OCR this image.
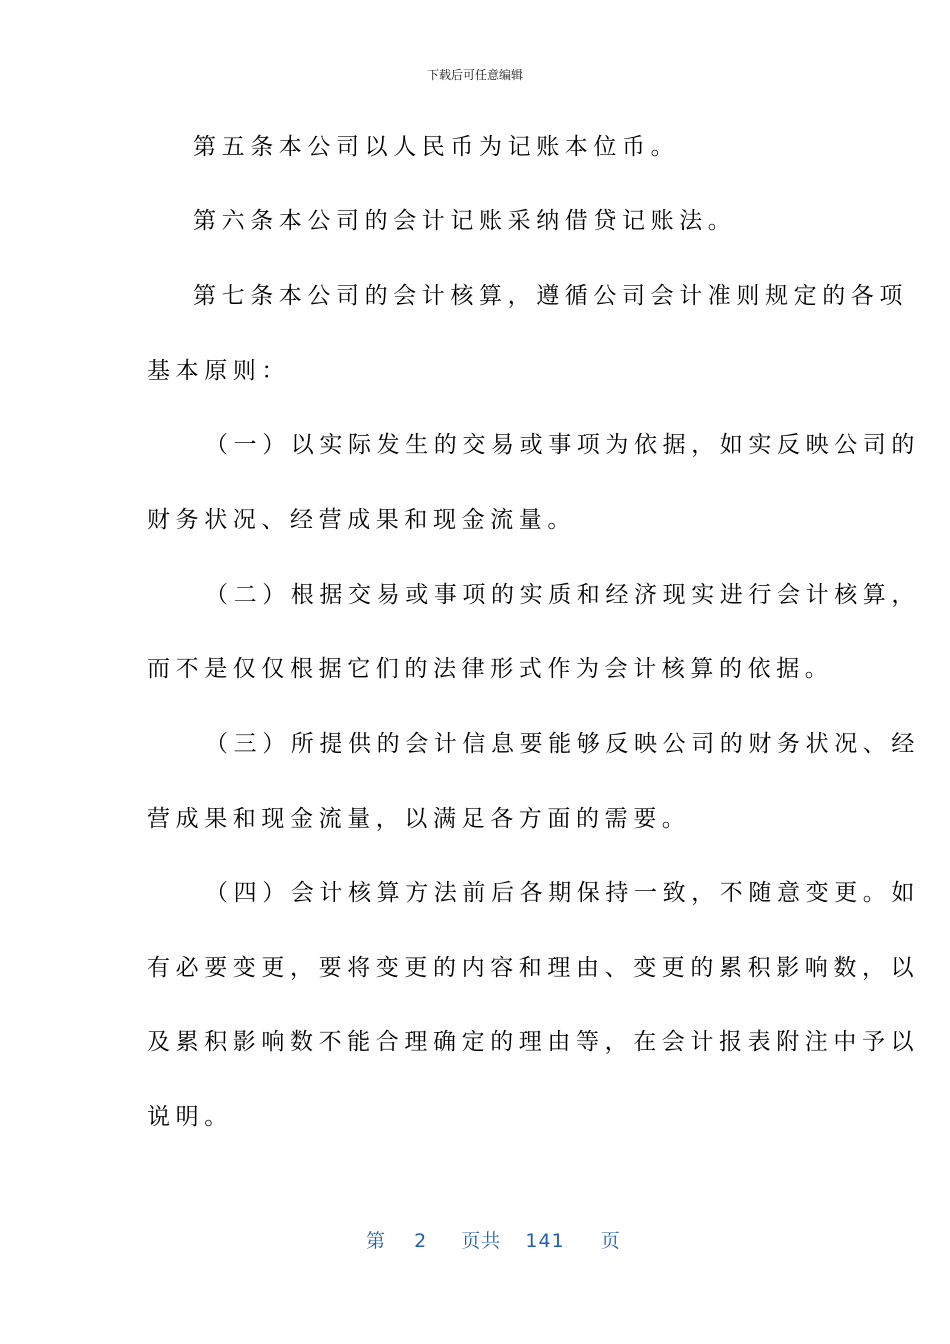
下载后可任意编辑
第五条本公司以人民币为记账本位币。
第六条本公司的会计记账采纳借贷记账法。
第七条本公司的会计核算，遵循公司会计准则规定的各项
基本原则：
（一）以实际发生的交易或事项为依据，如实反映公司的
财务状况、经营成果和现金流量。
（二）根据交易或事项的实质和经济现实进行会计核算，
而不是仅仅根据它们的法律形式作为会计核算的依据。
（三）所提供的会计信息要能够反映公司的财务状况、经
营成果和现金流量，以满足各方面的需要。
（四）会计核算方法前后各期保持一致，不随意变更。如
有必要变更，要将变更的内容和理由、变更的累积影响数，以
及累积影响数不能合理确定的理由等，在会计报表附注中予以
说明。
第 2 页共 141 页
